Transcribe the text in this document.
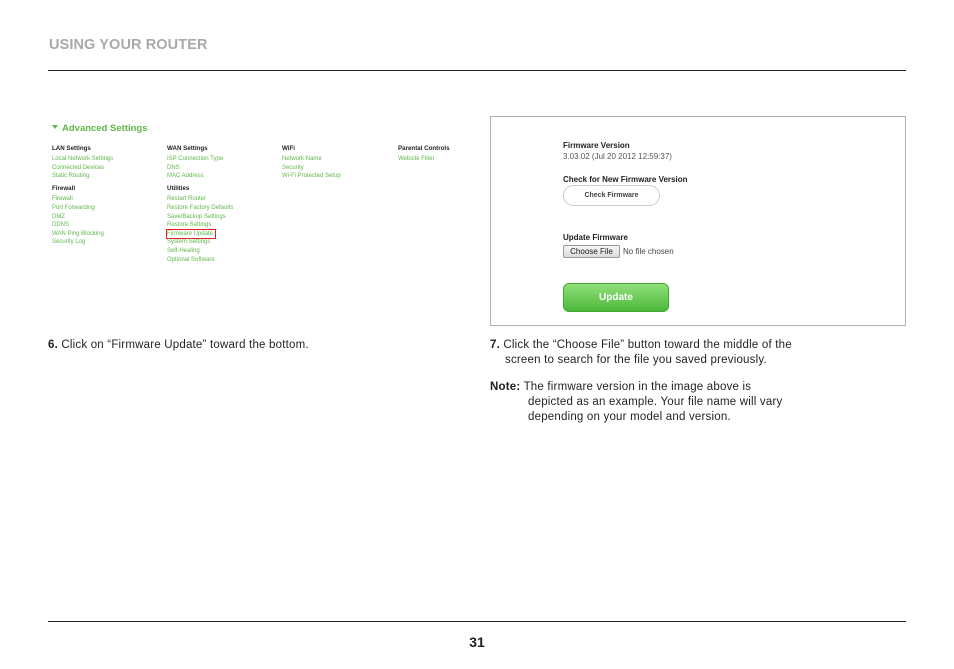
USING YOUR ROUTER
Advanced Settings
LAN Settings
Local Network Settings
Connected Devices
Static Routing
Firewall
Firewall
Port Forwarding
DMZ
DDNS
WAN Ping Blocking
Security Log
WAN Settings
ISP Connection Type
DNS
MAC Address
Utilities
Restart Router
Restore Factory Defaults
Save/Backup Settings
Restore Settings
Firmware Update
System Settings
Self-Healing
Optional Software
WiFi
Network Name
Security
Wi-Fi Protected Setup
Parental Controls
Website Filter
Firmware Version
3.03.02 (Jul 20 2012 12:59:37)
Check for New Firmware Version
Check Firmware
Update Firmware
Choose File	No file chosen
Update
6. Click on “Firmware Update” toward the bottom.	7. Click the “Choose File” button toward the middle of the
screen to search for the file you saved previously.
Note: The firmware version in the image above is
depicted as an example. Your file name will vary
depending on your model and version.
31
